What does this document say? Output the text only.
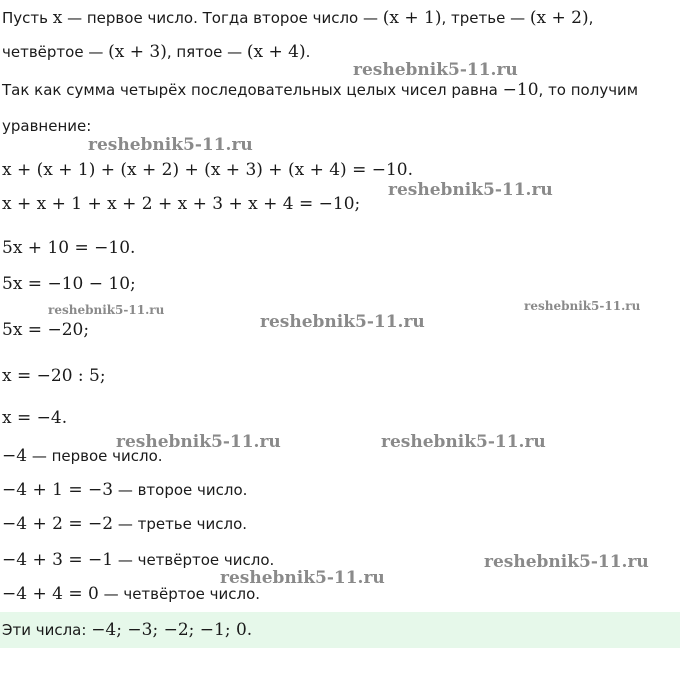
Пусть x — первое число. Тогда второе число — (x + 1), третье — (x + 2),
четвёртое — (x + 3), пятое — (x + 4).
Так как сумма четырёх последовательных целых чисел равна −10, то получим
уравнение:
x + (x + 1) + (x + 2) + (x + 3) + (x + 4) = −10.
x + x + 1 + x + 2 + x + 3 + x + 4 = −10;
5x + 10 = −10.
5x = −10 − 10;
5x = −20;
x = −20 : 5;
x = −4.
−4 — первое число.
−4 + 1 = −3 — второе число.
−4 + 2 = −2 — третье число.
−4 + 3 = −1 — четвёртое число.
−4 + 4 = 0 — четвёртое число.
Эти числа: −4; −3; −2; −1; 0.
reshebnik5-11.ru
reshebnik5-11.ru
reshebnik5-11.ru
reshebnik5-11.ru
reshebnik5-11.ru
reshebnik5-11.ru
reshebnik5-11.ru	reshebnik5-11.ru
reshebnik5-11.ru
reshebnik5-11.ru
